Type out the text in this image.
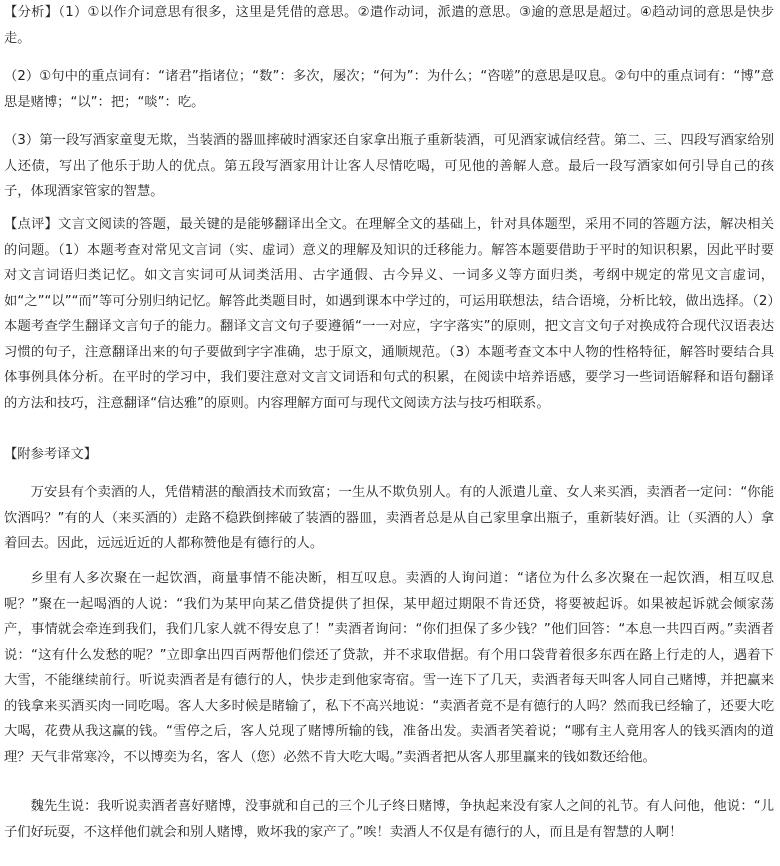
【分析】（1）①以作介词意思有很多，这里是凭借的意思。②遣作动词，派遣的意思。③逾的意思是超过。④趋动词的意思是快步走。

（2）①句中的重点词有：“诸君”指诸位；“数”：多次，屡次；“何为”：为什么；“咨嗟”的意思是叹息。②句中的重点词有：“博”意思是赌博；“以”：把；“啖”：吃。

（3）第一段写酒家童叟无欺，当装酒的器皿摔破时酒家还自家拿出瓶子重新装酒，可见酒家诚信经营。第二、三、四段写酒家给别人还债，写出了他乐于助人的优点。第五段写酒家用计让客人尽情吃喝，可见他的善解人意。最后一段写酒家如何引导自己的孩子，体现酒家管家的智慧。

【点评】文言文阅读的答题，最关键的是能够翻译出全文。在理解全文的基础上，针对具体题型，采用不同的答题方法，解决相关的问题。（1）本题考查对常见文言词（实、虚词）意义的理解及知识的迁移能力。解答本题要借助于平时的知识积累，因此平时要对文言词语归类记忆。如文言实词可从词类活用、古字通假、古今异义、一词多义等方面归类，考纲中规定的常见文言虚词，如“之”“以”“而”等可分别归纳记忆。解答此类题目时，如遇到课本中学过的，可运用联想法，结合语境，分析比较，做出选择。（2）本题考查学生翻译文言句子的能力。翻译文言文句子要遵循“一一对应，字字落实”的原则，把文言文句子对换成符合现代汉语表达习惯的句子，注意翻译出来的句子要做到字字准确，忠于原文，通顺规范。（3）本题考查文本中人物的性格特征，解答时要结合具体事例具体分析。在平时的学习中，我们要注意对文言文词语和句式的积累，在阅读中培养语感，要学习一些词语解释和语句翻译的方法和技巧，注意翻译“信达雅”的原则。内容理解方面可与现代文阅读方法与技巧相联系。

【附参考译文】

万安县有个卖酒的人，凭借精湛的酿酒技术而致富；一生从不欺负别人。有的人派遣儿童、女人来买酒，卖酒者一定问：“你能饮酒吗？”有的人（来买酒的）走路不稳跌倒摔破了装酒的器皿，卖酒者总是从自己家里拿出瓶子，重新装好酒。让（买酒的人）拿着回去。因此，远远近近的人都称赞他是有德行的人。

乡里有人多次聚在一起饮酒，商量事情不能决断，相互叹息。卖酒的人询问道：“诸位为什么多次聚在一起饮酒，相互叹息呢？”聚在一起喝酒的人说：“我们为某甲向某乙借贷提供了担保，某甲超过期限不肯还贷，将要被起诉。如果被起诉就会倾家荡产，事情就会牵连到我们，我们几家人就不得安息了！”卖酒者询问：“你们担保了多少钱？”他们回答：“本息一共四百两。”卖酒者说：“这有什么发愁的呢？”立即拿出四百两帮他们偿还了贷款，并不求取借据。有个用口袋背着很多东西在路上行走的人，遇着下大雪，不能继续前行。听说卖酒者是有德行的人，快步走到他家寄宿。雪一连下了几天，卖酒者每天叫客人同自己赌博，并把赢来的钱拿来买酒买肉一同吃喝。客人大多时候是睹输了，私下不高兴地说：“卖酒者竟不是有德行的人吗？然而我已经输了，还要大吃大喝，花费从我这赢的钱。“雪停之后，客人兑现了赌博所输的钱，准备出发。卖酒者笑着说；“哪有主人竟用客人的钱买酒肉的道理？天气非常寒冷，不以博奕为名，客人（您）必然不肯大吃大喝。”卖酒者把从客人那里赢来的钱如数还给他。

魏先生说：我听说卖酒者喜好赌博，没事就和自己的三个儿子终日赌博，争执起来没有家人之间的礼节。有人问他，他说：“儿子们好玩耍，不这样他们就会和别人赌博，败坏我的家产了。”唉！卖酒人不仅是有德行的人，而且是有智慧的人啊！
